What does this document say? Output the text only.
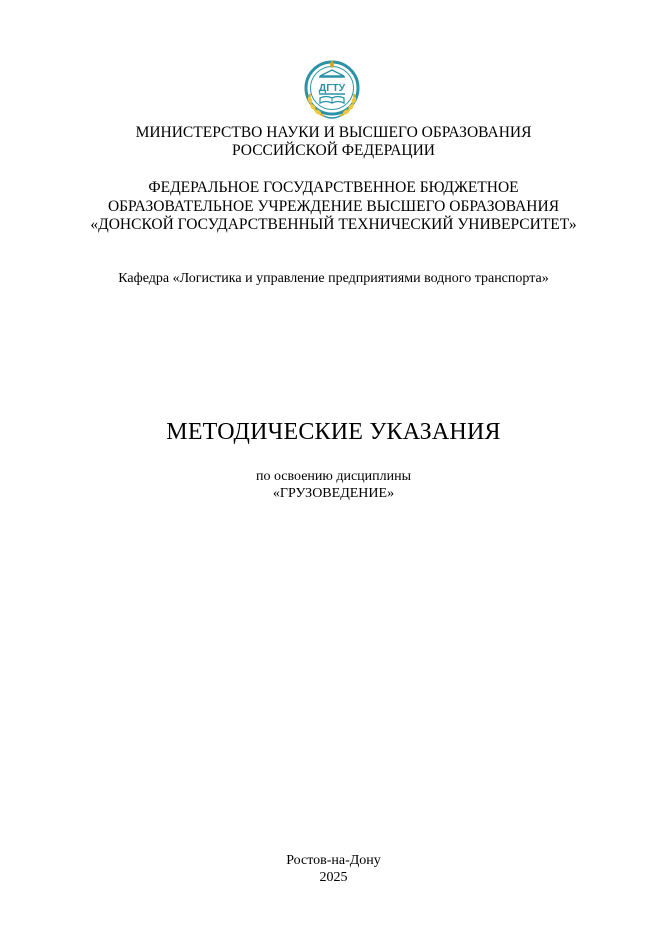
ДГТУ
МИНИСТЕРСТВО НАУКИ И ВЫСШЕГО ОБРАЗОВАНИЯ
РОССИЙСКОЙ ФЕДЕРАЦИИ
ФЕДЕРАЛЬНОЕ ГОСУДАРСТВЕННОЕ БЮДЖЕТНОЕ
ОБРАЗОВАТЕЛЬНОЕ УЧРЕЖДЕНИЕ ВЫСШЕГО ОБРАЗОВАНИЯ
«ДОНСКОЙ ГОСУДАРСТВЕННЫЙ ТЕХНИЧЕСКИЙ УНИВЕРСИТЕТ»
Кафедра «Логистика и управление предприятиями водного транспорта»
МЕТОДИЧЕСКИЕ УКАЗАНИЯ
по освоению дисциплины
«ГРУЗОВЕДЕНИЕ»
Ростов-на-Дону
2025
